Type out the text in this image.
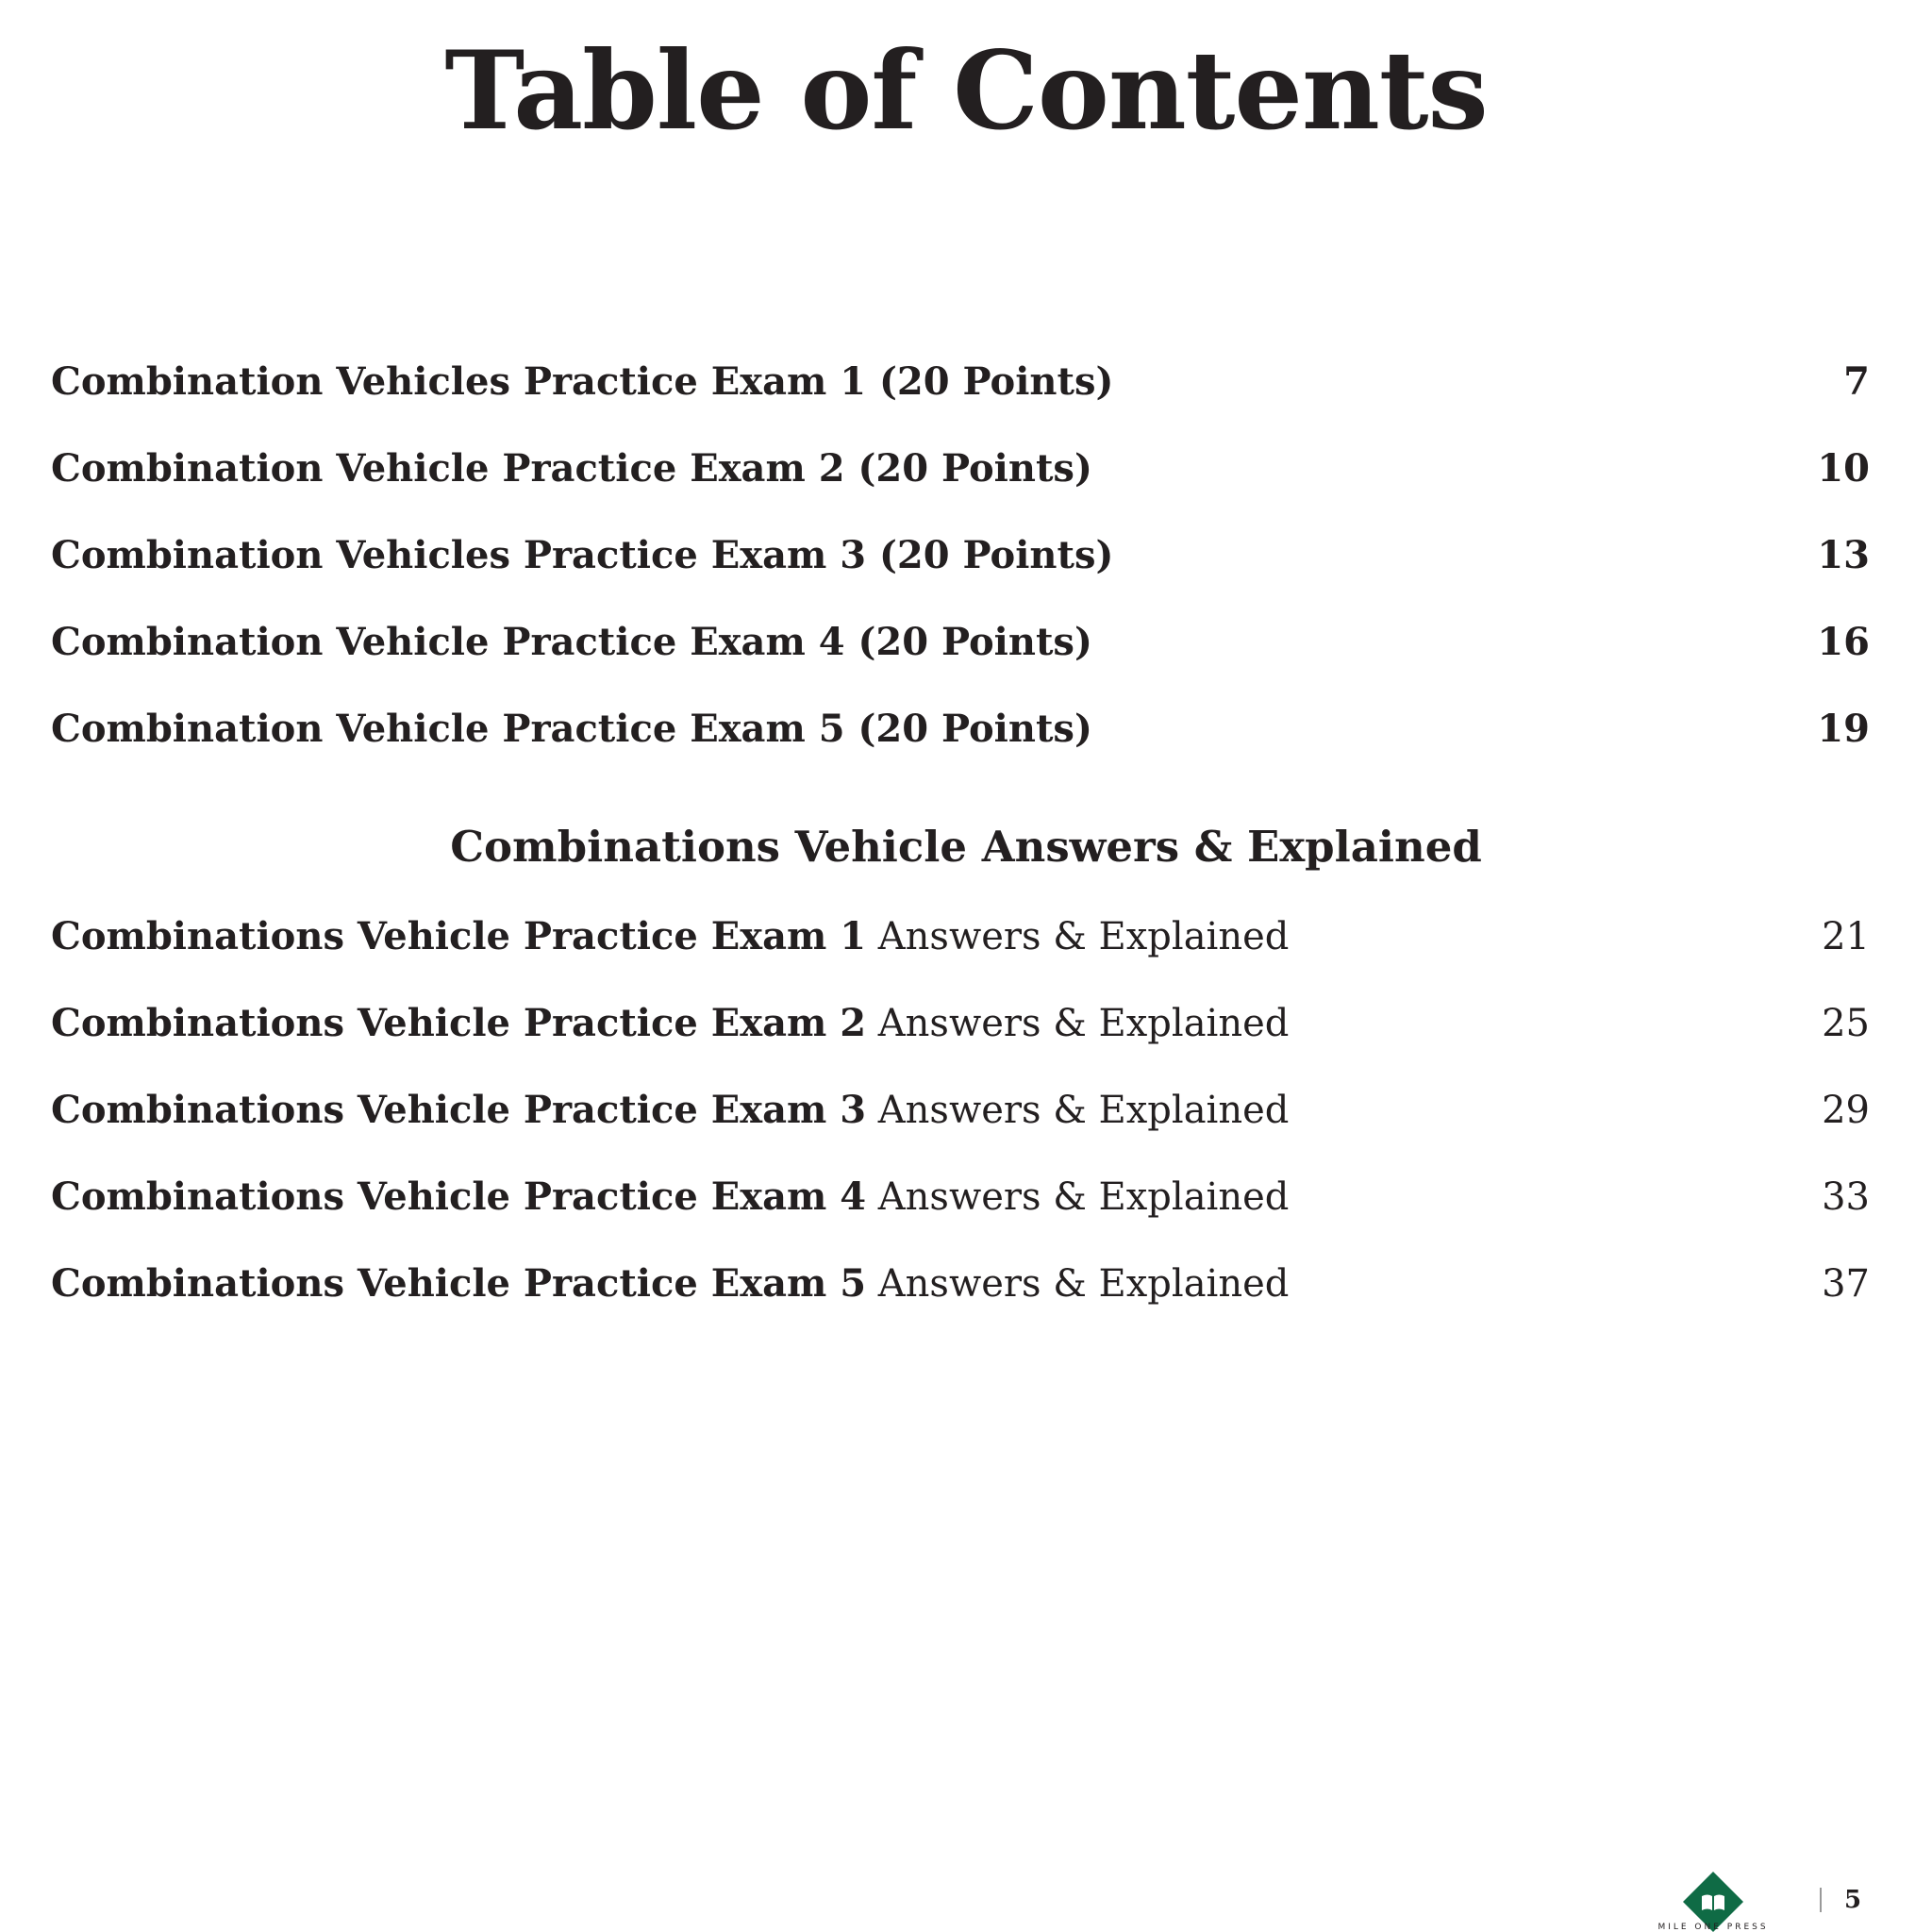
Table of Contents
Combination Vehicles Practice Exam 1 (20 Points)	7
Combination Vehicle Practice Exam 2 (20 Points)	10
Combination Vehicles Practice Exam 3 (20 Points)	13
Combination Vehicle Practice Exam 4 (20 Points)	16
Combination Vehicle Practice Exam 5 (20 Points)	19
Combinations Vehicle Answers & Explained
Combinations Vehicle Practice Exam 1 Answers & Explained	21
Combinations Vehicle Practice Exam 2 Answers & Explained	25
Combinations Vehicle Practice Exam 3 Answers & Explained	29
Combinations Vehicle Practice Exam 4 Answers & Explained	33
Combinations Vehicle Practice Exam 5 Answers & Explained	37
MILE ONE PRESS
5
